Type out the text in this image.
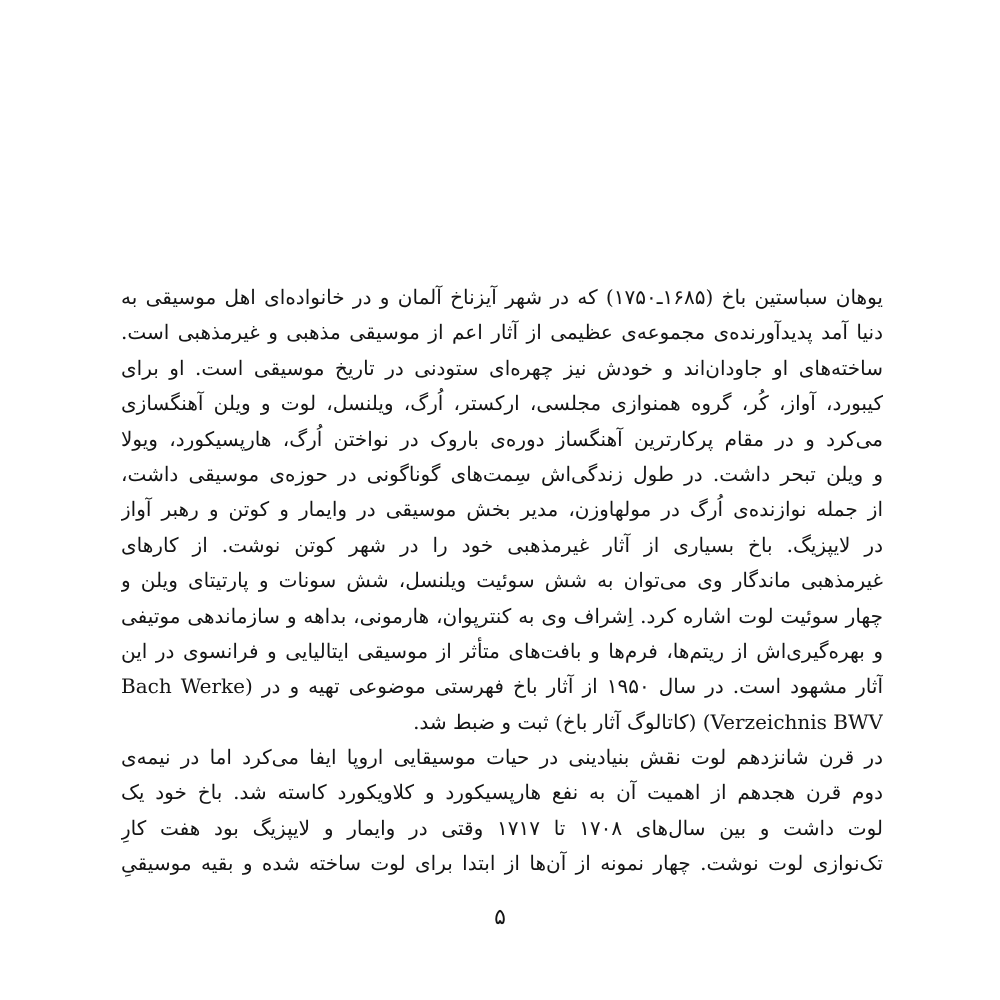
یوهان سباستین باخ (۱۶۸۵ـ۱۷۵۰) که در شهر آیزناخ آلمان و در خانواده‌ای اهل موسیقی به
دنیا آمد پدیدآورنده‌ی مجموعه‌ی عظیمی از آثار اعم از موسیقی مذهبی و غیرمذهبی است.
ساخته‌های او جاودان‌اند و خودش نیز چهره‌ای ستودنی در تاریخ موسیقی است. او برای
کیبورد، آواز، کُر، گروه همنوازی مجلسی، ارکستر، اُرگ، ویلنسل، لوت و ویلن آهنگسازی
می‌کرد و در مقام پرکارترین آهنگساز دوره‌ی باروک در نواختن اُرگ، هارپسیکورد، ویولا
و ویلن تبحر داشت. در طول زندگی‌اش سِمت‌های گوناگونی در حوزه‌ی موسیقی داشت،
از جمله نوازنده‌ی اُرگ در مولهاوزن، مدیر بخش موسیقی در وایمار و کوتن و رهبر آواز
در لایپزیگ. باخ بسیاری از آثار غیرمذهبی خود را در شهر کوتن نوشت. از کارهای
غیرمذهبی ماندگار وی می‌توان به شش سوئیت ویلنسل، شش سونات و پارتیتای ویلن و
چهار سوئیت لوت اشاره کرد. اِشراف وی به کنترپوان، هارمونی، بداهه و سازماندهی موتیفی
و بهره‌گیری‌اش از ریتم‌ها، فرم‌ها و بافت‌های متأثر از موسیقی ایتالیایی و فرانسوی در این
آثار مشهود است. در سال ۱۹۵۰ از آثار باخ فهرستی موضوعی تهیه و در (Bach Werke
Verzeichnis BWV) (کاتالوگ آثار باخ) ثبت و ضبط شد.
در قرن شانزدهم لوت نقش بنیادینی در حیات موسیقایی اروپا ایفا می‌کرد اما در نیمه‌ی
دوم قرن هجدهم از اهمیت آن به نفع هارپسیکورد و کلاویکورد کاسته شد. باخ خود یک
لوت داشت و بین سال‌های ۱۷۰۸ تا ۱۷۱۷ وقتی در وایمار و لایپزیگ بود هفت کارِ
تک‌نوازی لوت نوشت. چهار نمونه از آن‌ها از ابتدا برای لوت ساخته شده و بقیه موسیقیِ
۵
